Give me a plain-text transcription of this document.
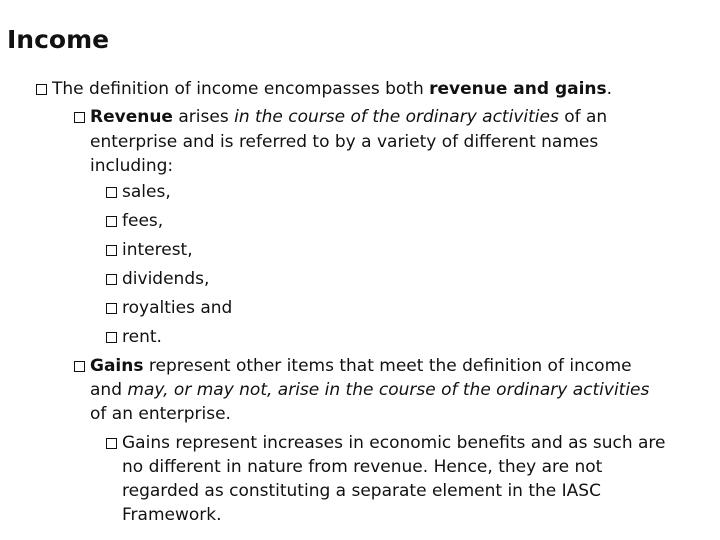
Income
The definition of income encompasses both revenue and gains.
Revenue arises in the course of the ordinary activities of an
enterprise and is referred to by a variety of different names
including:
sales,
fees,
interest,
dividends,
royalties and
rent.
Gains represent other items that meet the definition of income
and may, or may not, arise in the course of the ordinary activities
of an enterprise.
Gains represent increases in economic benefits and as such are
no different in nature from revenue. Hence, they are not
regarded as constituting a separate element in the IASC
Framework.
